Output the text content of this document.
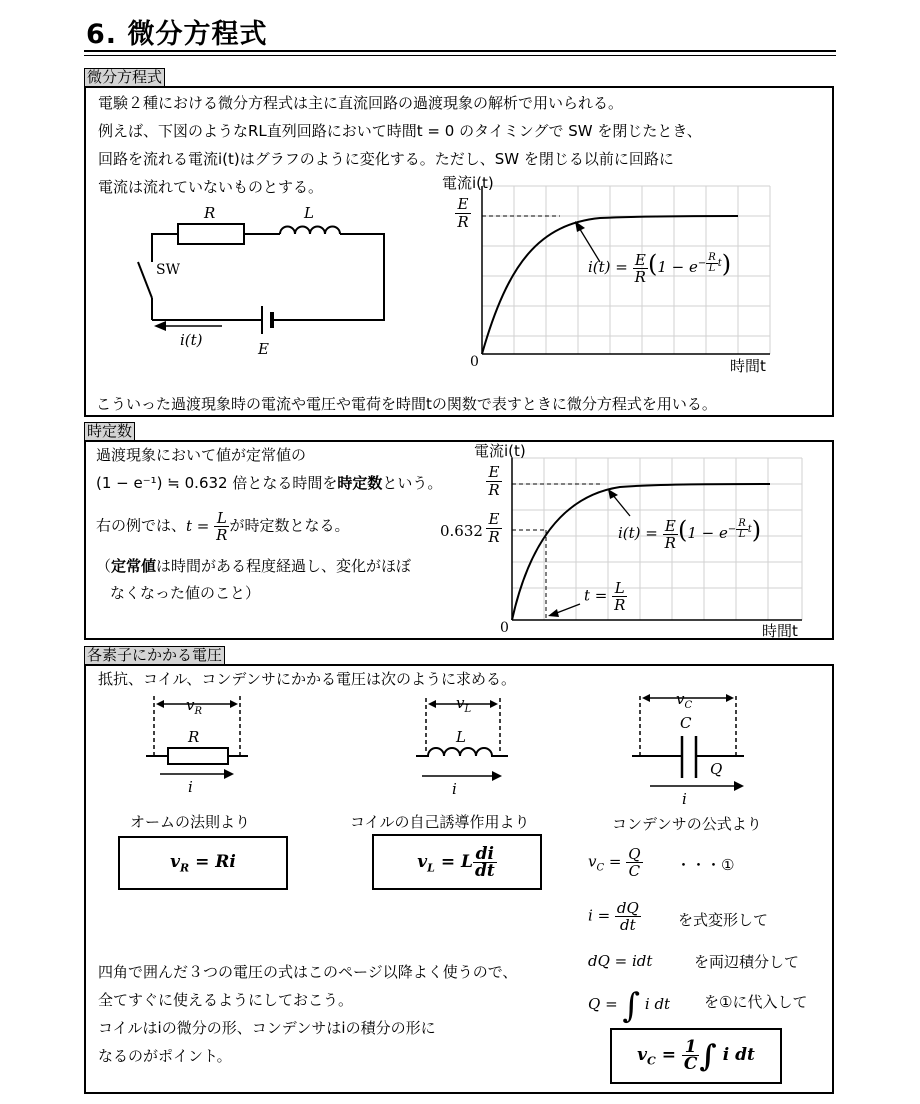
6. 微分方程式
微分方程式
電験２種における微分方程式は主に直流回路の過渡現象の解析で用いられる。
例えば、下図のようなRL直列回路において時間t = 0 のタイミングで SW を閉じたとき、
回路を流れる電流i(t)はグラフのように変化する。ただし、SW を閉じる以前に回路に
電流は流れていないものとする。
こういった過渡現象時の電流や電圧や電荷を時間tの関数で表すときに微分方程式を用いる。
R	L
SW
i(t)	E
電流i(t)
E
R
0	時間t
$i(t) = \frac{E}{R} (1 - e^{- \frac{R}{L} t})$
時定数
過渡現象において値が定常値の
(1 − e⁻¹) ≒ 0.632 倍となる時間を時定数という。
右の例では、$t = \frac{L}{R}$ が時定数となる。
（定常値は時間がある程度経過し、変化がほぼ
なくなった値のこと）
電流i(t)
E
R
0.632
E
R
0	時間t
$i(t) = \frac{E}{R} (1 - e^{- \frac{R}{L} t})$
$t = \frac{L}{R}$
各素子にかかる電圧
抵抗、コイル、コンデンサにかかる電圧は次のように求める。
$v_R$
R
i
オームの法則より
$v_R = Ri$
$v_L$
L
i
コイルの自己誘導作用より
$v_L = L \frac{di}{dt}$
$v_C$
C
Q
i
コンデンサの公式より
$v_C = \frac{Q}{C}$ ・・・①
$i = \frac{dQ}{dt}$ を式変形して
dQ = idt	を両辺積分して
Q = ∫ i dt を①に代入して
$v_C = \frac{1}{C}$ ∫ i dt
四角で囲んだ３つの電圧の式はこのページ以降よく使うので、
全てすぐに使えるようにしておこう。
コイルはiの微分の形、コンデンサはiの積分の形に
なるのがポイント。
